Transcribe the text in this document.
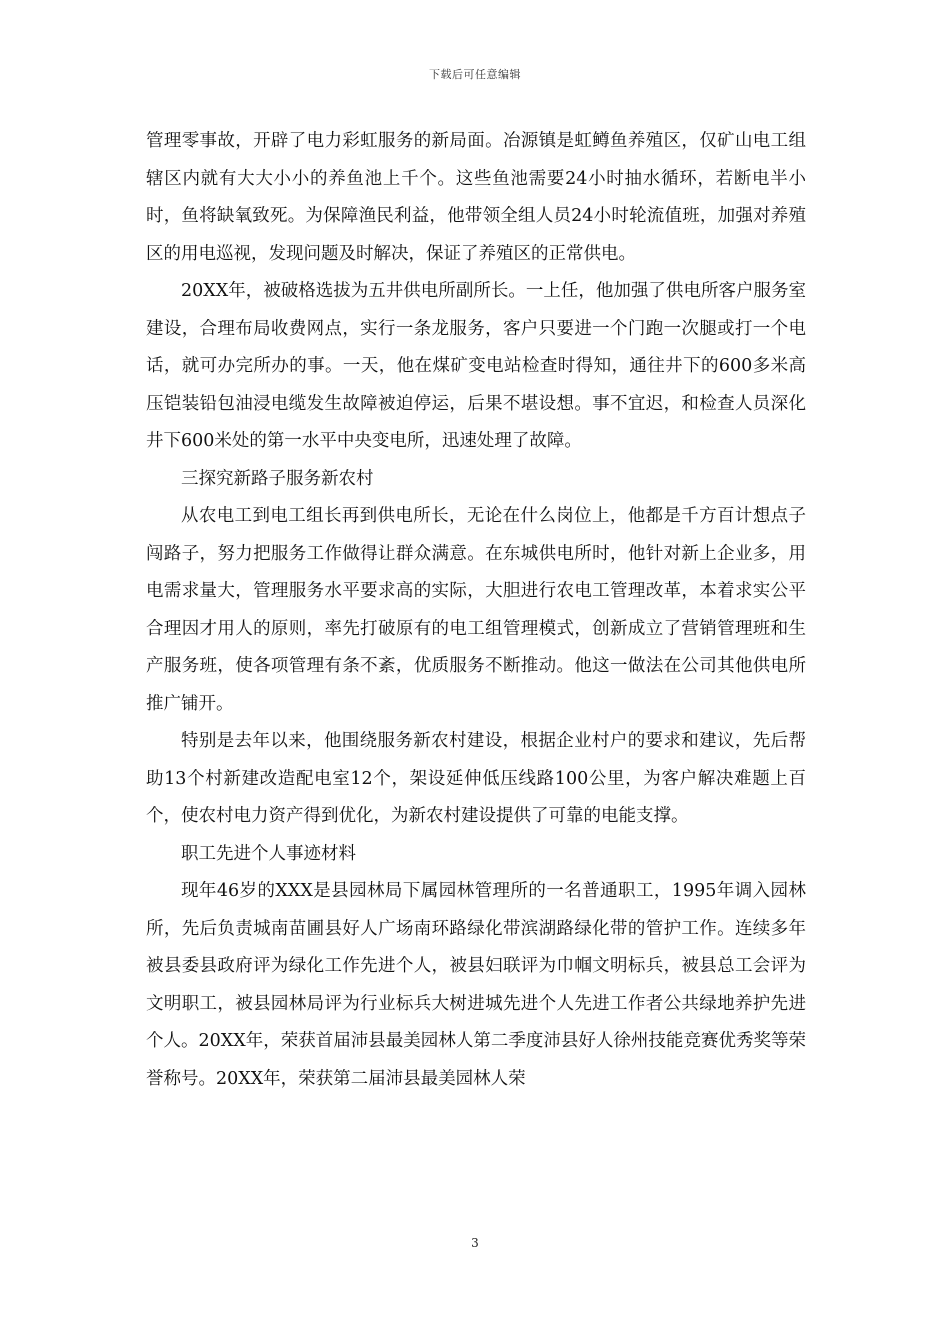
下载后可任意编辑

管理零事故，开辟了电力彩虹服务的新局面。冶源镇是虹鳟鱼养殖区，仅矿山电工组辖区内就有大大小小的养鱼池上千个。这些鱼池需要24小时抽水循环，若断电半小时，鱼将缺氧致死。为保障渔民利益，他带领全组人员24小时轮流值班，加强对养殖区的用电巡视，发现问题及时解决，保证了养殖区的正常供电。

20XX年，被破格选拔为五井供电所副所长。一上任，他加强了供电所客户服务室建设，合理布局收费网点，实行一条龙服务，客户只要进一个门跑一次腿或打一个电话，就可办完所办的事。一天，他在煤矿变电站检查时得知，通往井下的600多米高压铠装铅包油浸电缆发生故障被迫停运，后果不堪设想。事不宜迟，和检查人员深化井下600米处的第一水平中央变电所，迅速处理了故障。

三探究新路子服务新农村

从农电工到电工组长再到供电所长，无论在什么岗位上，他都是千方百计想点子闯路子，努力把服务工作做得让群众满意。在东城供电所时，他针对新上企业多，用电需求量大，管理服务水平要求高的实际，大胆进行农电工管理改革，本着求实公平合理因才用人的原则，率先打破原有的电工组管理模式，创新成立了营销管理班和生产服务班，使各项管理有条不紊，优质服务不断推动。他这一做法在公司其他供电所推广铺开。

特别是去年以来，他围绕服务新农村建设，根据企业村户的要求和建议，先后帮助13个村新建改造配电室12个，架设延伸低压线路100公里，为客户解决难题上百个，使农村电力资产得到优化，为新农村建设提供了可靠的电能支撑。

职工先进个人事迹材料

现年46岁的XXX是县园林局下属园林管理所的一名普通职工，1995年调入园林所，先后负责城南苗圃县好人广场南环路绿化带滨湖路绿化带的管护工作。连续多年被县委县政府评为绿化工作先进个人，被县妇联评为巾帼文明标兵，被县总工会评为文明职工，被县园林局评为行业标兵大树进城先进个人先进工作者公共绿地养护先进个人。20XX年，荣获首届沛县最美园林人第二季度沛县好人徐州技能竞赛优秀奖等荣誉称号。20XX年，荣获第二届沛县最美园林人荣

3
